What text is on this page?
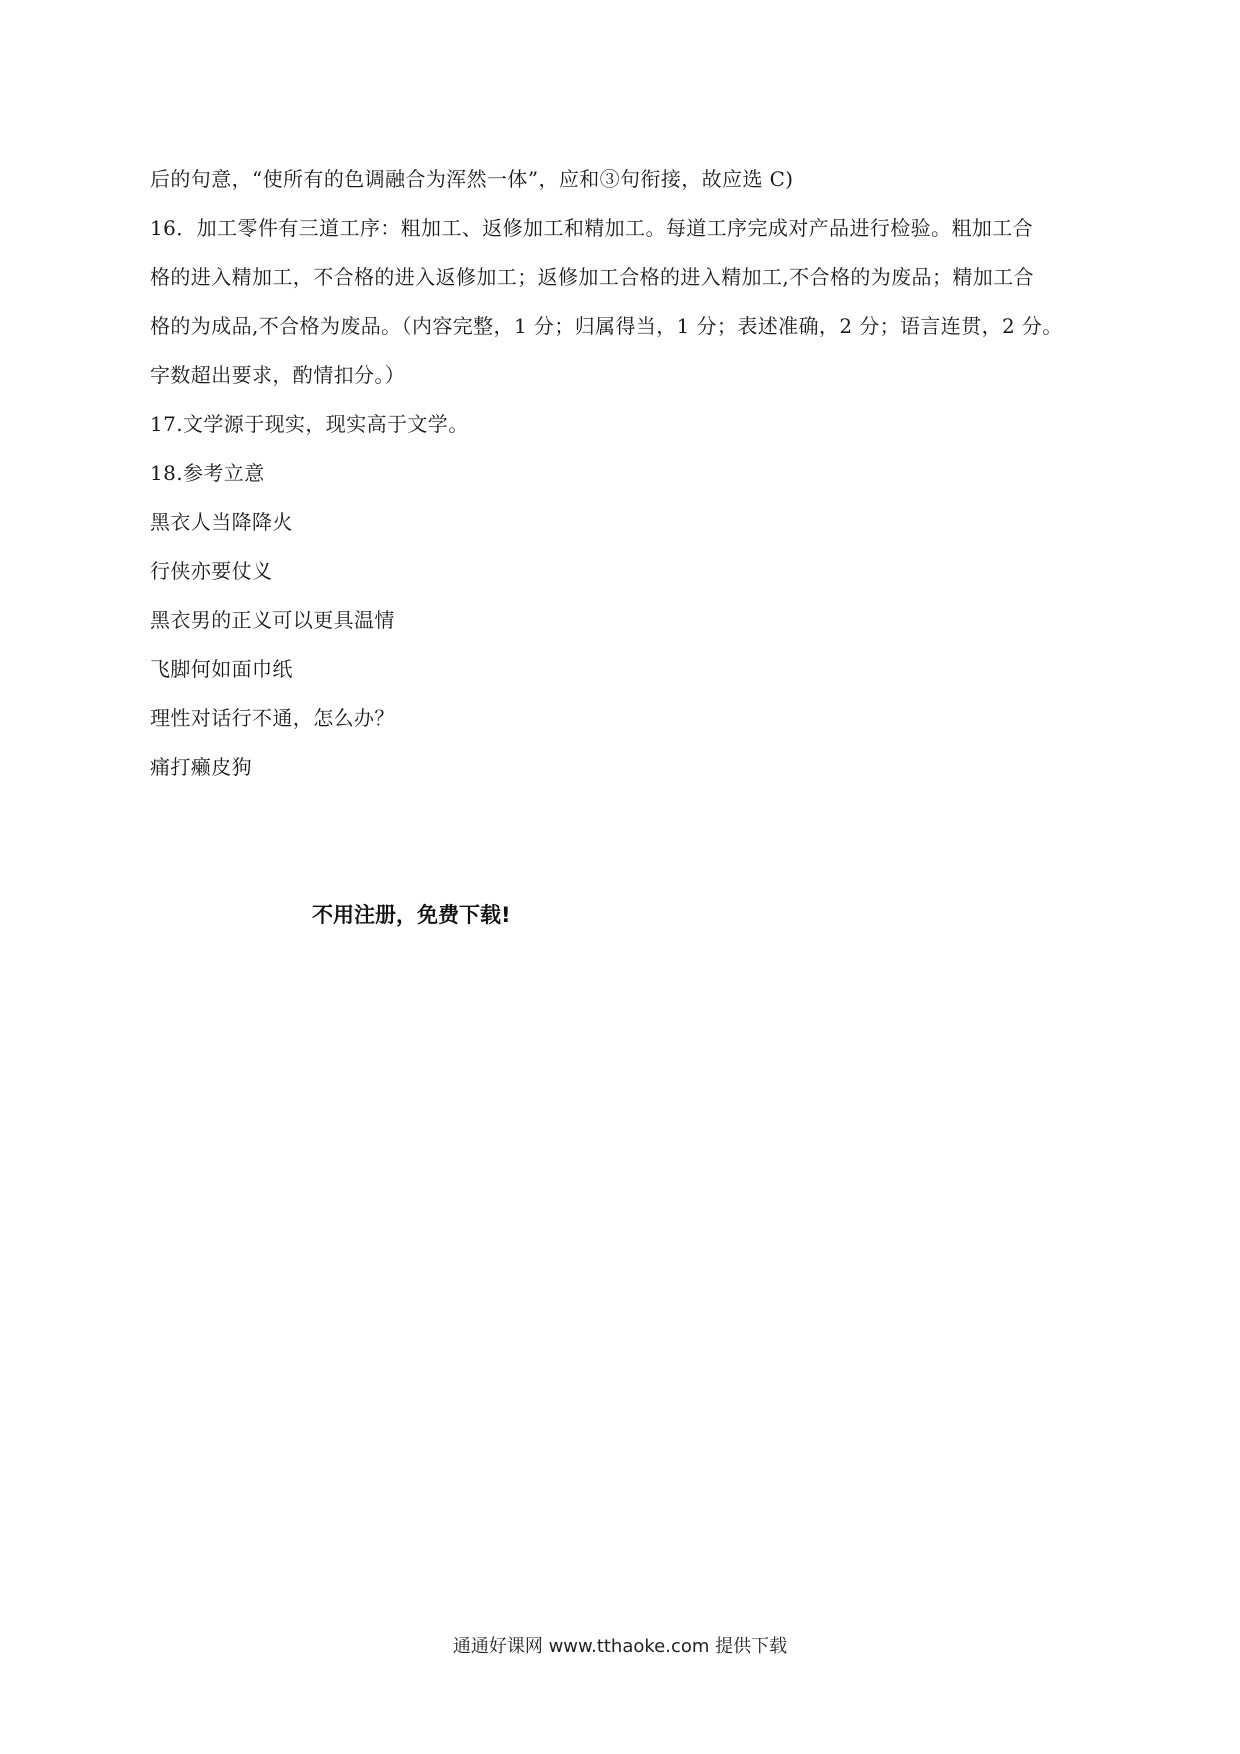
后的句意，“使所有的色调融合为浑然一体”，应和③句衔接，故应选 C)
16．加工零件有三道工序：粗加工、返修加工和精加工。每道工序完成对产品进行检验。粗加工合
格的进入精加工，不合格的进入返修加工；返修加工合格的进入精加工,不合格的为废品；精加工合
格的为成品,不合格为废品。（内容完整，1 分；归属得当，1 分；表述准确，2 分；语言连贯，2 分。
字数超出要求，酌情扣分。）
17.文学源于现实，现实高于文学。
18.参考立意
黑衣人当降降火
行侠亦要仗义
黑衣男的正义可以更具温情
飞脚何如面巾纸
理性对话行不通，怎么办？
痛打癞皮狗
不用注册，免费下载!
通通好课网 www.tthaoke.com 提供下载
